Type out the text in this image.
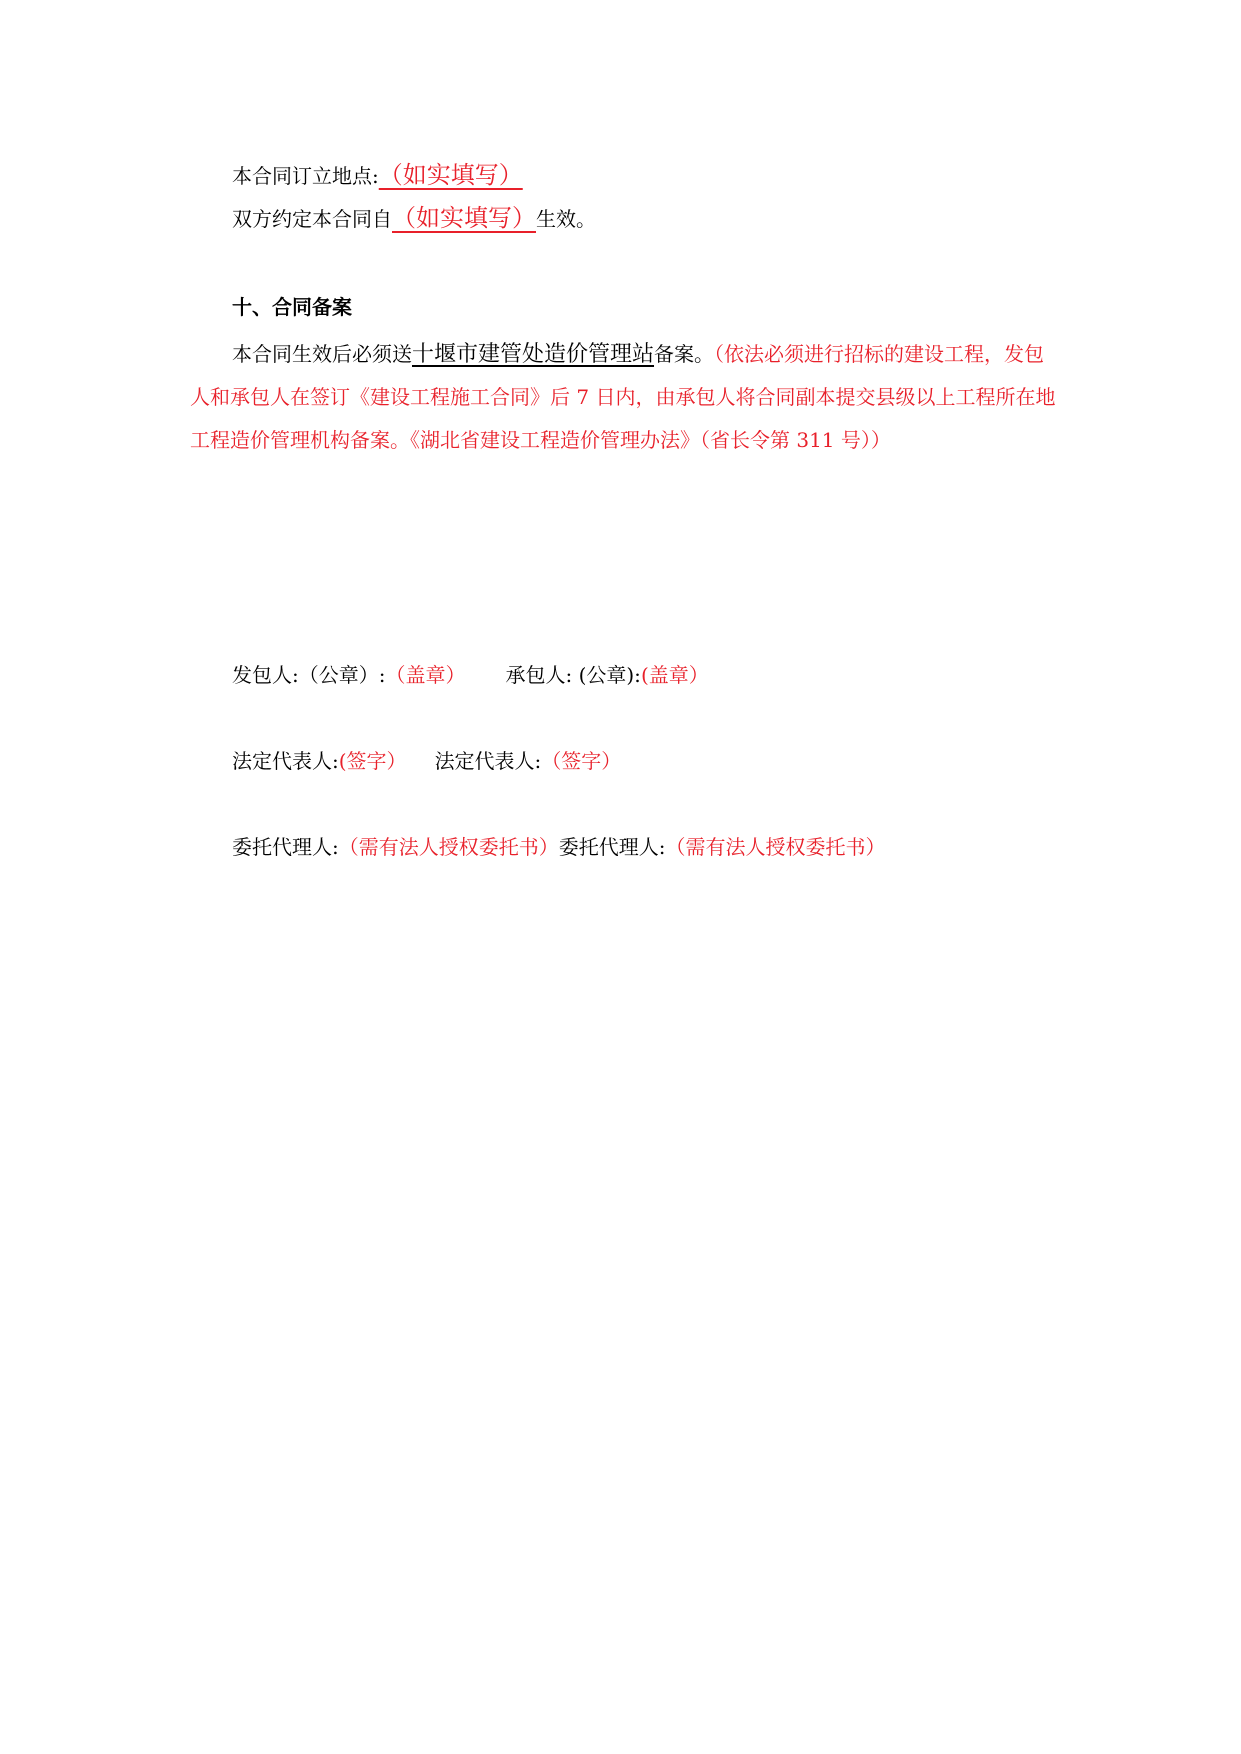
本合同订立地点:（如实填写）
双方约定本合同自（如实填写）生效。
十、合同备案
本合同生效后必须送十堰市建管处造价管理站备案。（依法必须进行招标的建设工程，发包人和承包人在签订《建设工程施工合同》后 7 日内，由承包人将合同副本提交县级以上工程所在地工程造价管理机构备案。《湖北省建设工程造价管理办法》（省长令第 311 号））
发包人:（公章）:（盖章） 承包人: (公章):(盖章）
法定代表人:(签字） 法定代表人:（签字）
委托代理人:（需有法人授权委托书）委托代理人:（需有法人授权委托书）
